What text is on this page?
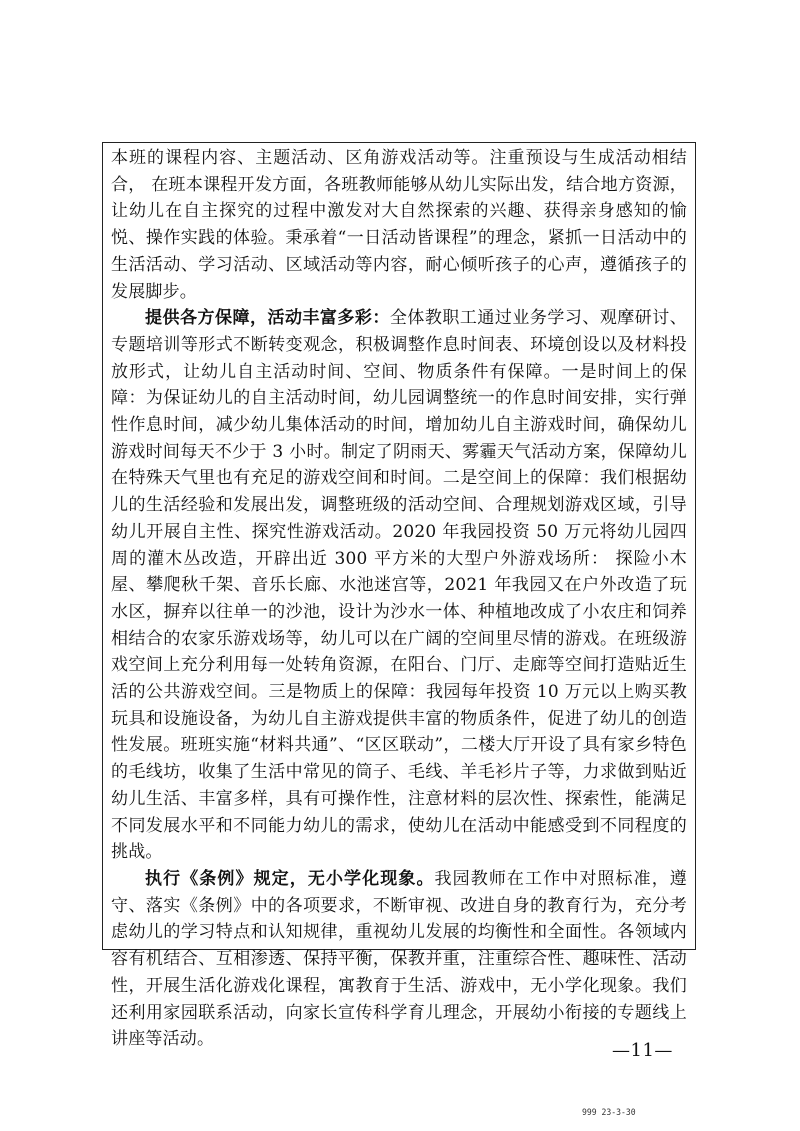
本班的课程内容、主题活动、区角游戏活动等。注重预设与生成活动相结合， 在班本课程开发方面，各班教师能够从幼儿实际出发，结合地方资源，让幼儿在自主探究的过程中激发对大自然探索的兴趣、获得亲身感知的愉悦、操作实践的体验。秉承着“一日活动皆课程”的理念，紧抓一日活动中的生活活动、学习活动、区域活动等内容，耐心倾听孩子的心声，遵循孩子的发展脚步。

提供各方保障，活动丰富多彩：全体教职工通过业务学习、观摩研讨、专题培训等形式不断转变观念，积极调整作息时间表、环境创设以及材料投放形式，让幼儿自主活动时间、空间、物质条件有保障。一是时间上的保障：为保证幼儿的自主活动时间，幼儿园调整统一的作息时间安排，实行弹性作息时间，减少幼儿集体活动的时间，增加幼儿自主游戏时间，确保幼儿游戏时间每天不少于 3 小时。制定了阴雨天、雾霾天气活动方案，保障幼儿在特殊天气里也有充足的游戏空间和时间。二是空间上的保障：我们根据幼儿的生活经验和发展出发，调整班级的活动空间、合理规划游戏区域，引导幼儿开展自主性、探究性游戏活动。2020 年我园投资 50 万元将幼儿园四周的灌木丛改造，开辟出近 300 平方米的大型户外游戏场所： 探险小木屋、攀爬秋千架、音乐长廊、水池迷宫等，2021 年我园又在户外改造了玩水区，摒弃以往单一的沙池，设计为沙水一体、种植地改成了小农庄和饲养相结合的农家乐游戏场等，幼儿可以在广阔的空间里尽情的游戏。在班级游戏空间上充分利用每一处转角资源，在阳台、门厅、走廊等空间打造贴近生活的公共游戏空间。三是物质上的保障：我园每年投资 10 万元以上购买教玩具和设施设备，为幼儿自主游戏提供丰富的物质条件，促进了幼儿的创造性发展。班班实施“材料共通”、“区区联动”，二楼大厅开设了具有家乡特色的毛线坊，收集了生活中常见的筒子、毛线、羊毛衫片子等，力求做到贴近幼儿生活、丰富多样，具有可操作性，注意材料的层次性、探索性，能满足不同发展水平和不同能力幼儿的需求，使幼儿在活动中能感受到不同程度的挑战。

执行《条例》规定，无小学化现象。我园教师在工作中对照标准，遵守、落实《条例》中的各项要求，不断审视、改进自身的教育行为，充分考虑幼儿的学习特点和认知规律，重视幼儿发展的均衡性和全面性。各领域内容有机结合、互相渗透、保持平衡，保教并重，注重综合性、趣味性、活动性，开展生活化游戏化课程，寓教育于生活、游戏中，无小学化现象。我们还利用家园联系活动，向家长宣传科学育儿理念，开展幼小衔接的专题线上讲座等活动。

—11—
999 23-3-30
